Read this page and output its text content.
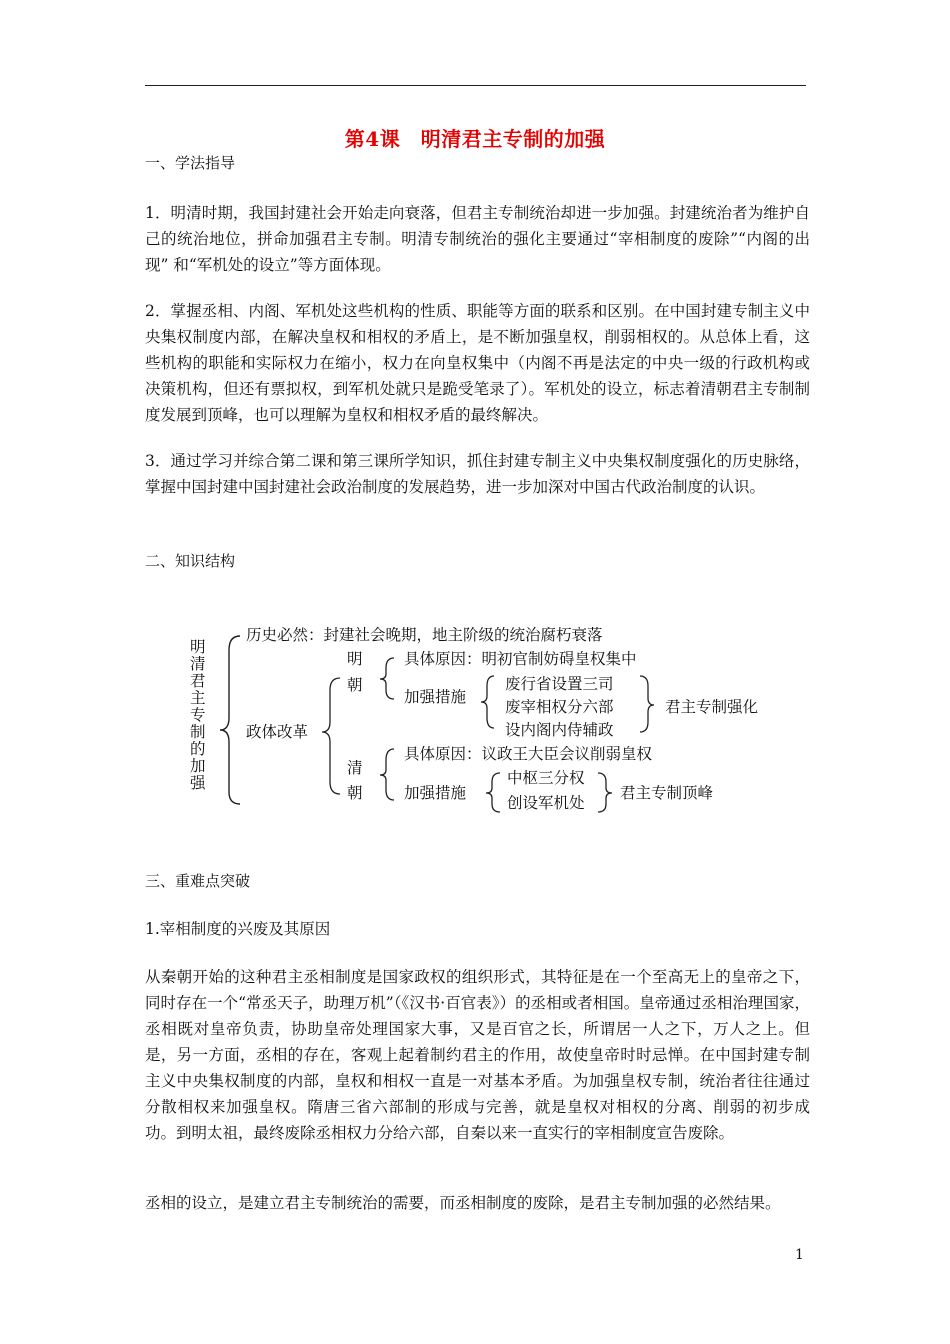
第4课　明清君主专制的加强
一、学法指导
1．明清时期，我国封建社会开始走向衰落，但君主专制统治却进一步加强。封建统治者为维护自己的统治地位，拼命加强君主专制。明清专制统治的强化主要通过“宰相制度的废除”“内阁的出现” 和“军机处的设立”等方面体现。
2．掌握丞相、内阁、军机处这些机构的性质、职能等方面的联系和区别。在中国封建专制主义中央集权制度内部，在解决皇权和相权的矛盾上，是不断加强皇权，削弱相权的。从总体上看，这些机构的职能和实际权力在缩小，权力在向皇权集中（内阁不再是法定的中央一级的行政机构或决策机构，但还有票拟权，到军机处就只是跪受笔录了）。军机处的设立，标志着清朝君主专制制度发展到顶峰，也可以理解为皇权和相权矛盾的最终解决。
3．通过学习并综合第二课和第三课所学知识，抓住封建专制主义中央集权制度强化的历史脉络，掌握中国封建中国封建社会政治制度的发展趋势，进一步加深对中国古代政治制度的认识。
二、知识结构
明
清
君
主
专
制
的
加
强
历史必然：封建社会晚期，地主阶级的统治腐朽衰落
政体改革
明
朝
具体原因：明初官制妨碍皇权集中
加强措施
废行省设置三司
废宰相权分六部
设内阁内侍辅政
君主专制强化
清
朝
具体原因：议政王大臣会议削弱皇权
加强措施
中枢三分权
创设军机处
君主专制顶峰
三、重难点突破
1.宰相制度的兴废及其原因
从秦朝开始的这种君主丞相制度是国家政权的组织形式，其特征是在一个至高无上的皇帝之下，同时存在一个“常丞天子，助理万机”（《汉书·百官表》）的丞相或者相国。皇帝通过丞相治理国家，丞相既对皇帝负责，协助皇帝处理国家大事，又是百官之长，所谓居一人之下，万人之上。但是，另一方面，丞相的存在，客观上起着制约君主的作用，故使皇帝时时忌惮。在中国封建专制主义中央集权制度的内部，皇权和相权一直是一对基本矛盾。为加强皇权专制，统治者往往通过分散相权来加强皇权。隋唐三省六部制的形成与完善，就是皇权对相权的分离、削弱的初步成功。到明太祖，最终废除丞相权力分给六部，自秦以来一直实行的宰相制度宣告废除。
丞相的设立，是建立君主专制统治的需要，而丞相制度的废除，是君主专制加强的必然结果。
1
